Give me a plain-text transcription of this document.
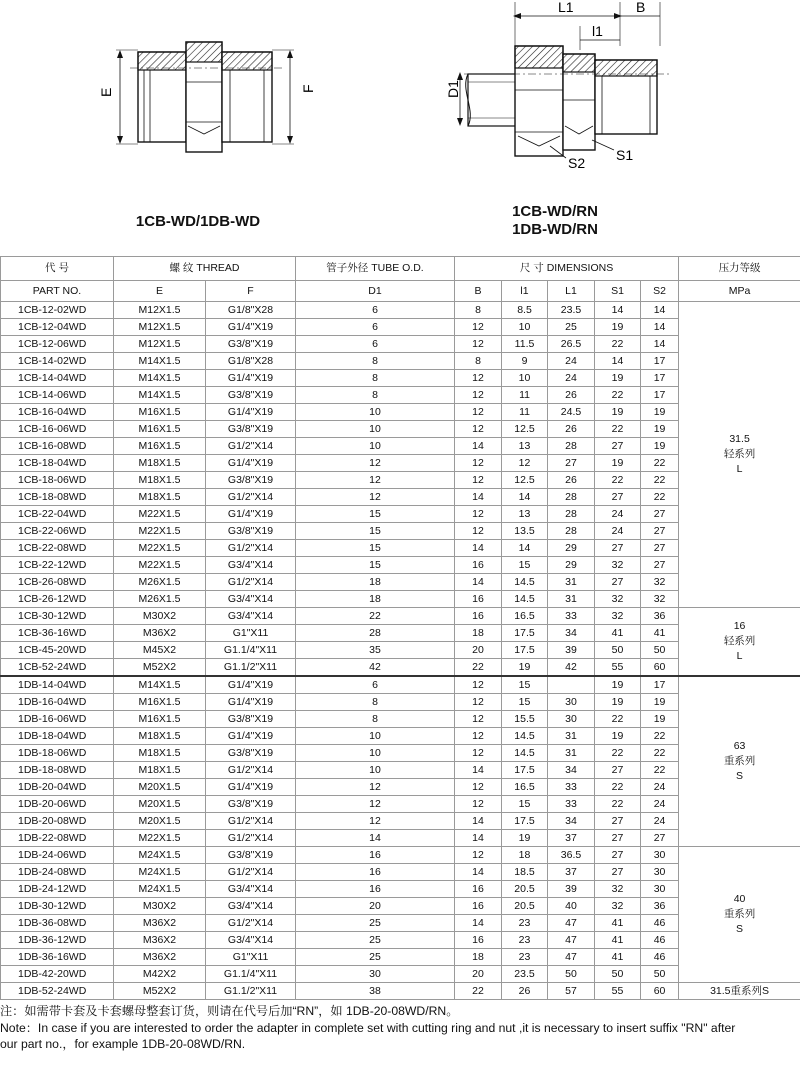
E	F
L1	B
l1
D1
S1
S2
1CB-WD/1DB-WD
1CB-WD/RN
1DB-WD/RN
代 号	螺 纹 THREAD		管子外径 TUBE O.D.	尺 寸 DIMENSIONS					压力等级
PART NO.	E	F	D1	B	l1	L1	S1	S2	MPa
1CB-12-02WD	M12X1.5	G1/8"X28	6	8	8.5	23.5	14	14	31.5
轻系列
L

1CB-12-04WD	M12X1.5	G1/4"X19	6	12	10	25	19	14	
1CB-12-06WD	M12X1.5	G3/8"X19	6	12	11.5	26.5	22	14	
1CB-14-02WD	M14X1.5	G1/8"X28	8	8	9	24	14	17	
1CB-14-04WD	M14X1.5	G1/4"X19	8	12	10	24	19	17	
1CB-14-06WD	M14X1.5	G3/8"X19	8	12	11	26	22	17	
1CB-16-04WD	M16X1.5	G1/4"X19	10	12	11	24.5	19	19	
1CB-16-06WD	M16X1.5	G3/8"X19	10	12	12.5	26	22	19	
1CB-16-08WD	M16X1.5	G1/2"X14	10	14	13	28	27	19	
1CB-18-04WD	M18X1.5	G1/4"X19	12	12	12	27	19	22	
1CB-18-06WD	M18X1.5	G3/8"X19	12	12	12.5	26	22	22	
1CB-18-08WD	M18X1.5	G1/2"X14	12	14	14	28	27	22	
1CB-22-04WD	M22X1.5	G1/4"X19	15	12	13	28	24	27	
1CB-22-06WD	M22X1.5	G3/8"X19	15	12	13.5	28	24	27	
1CB-22-08WD	M22X1.5	G1/2"X14	15	14	14	29	27	27	
1CB-22-12WD	M22X1.5	G3/4"X14	15	16	15	29	32	27	
1CB-26-08WD	M26X1.5	G1/2"X14	18	14	14.5	31	27	32	
1CB-26-12WD	M26X1.5	G3/4"X14	18	16	14.5	31	32	32	
1CB-30-12WD	M30X2	G3/4"X14	22	16	16.5	33	32	36	16
轻系列
L

1CB-36-16WD	M36X2	G1"X11	28	18	17.5	34	41	41	
1CB-45-20WD	M45X2	G1.1/4"X11	35	20	17.5	39	50	50	
1CB-52-24WD	M52X2	G1.1/2"X11	42	22	19	42	55	60	
1DB-14-04WD	M14X1.5	G1/4"X19	6	12	15		19	17	63
重系列
S

1DB-16-04WD	M16X1.5	G1/4"X19	8	12	15	30	19	19	
1DB-16-06WD	M16X1.5	G3/8"X19	8	12	15.5	30	22	19	
1DB-18-04WD	M18X1.5	G1/4"X19	10	12	14.5	31	19	22	
1DB-18-06WD	M18X1.5	G3/8"X19	10	12	14.5	31	22	22	
1DB-18-08WD	M18X1.5	G1/2"X14	10	14	17.5	34	27	22	
1DB-20-04WD	M20X1.5	G1/4"X19	12	12	16.5	33	22	24	
1DB-20-06WD	M20X1.5	G3/8"X19	12	12	15	33	22	24	
1DB-20-08WD	M20X1.5	G1/2"X14	12	14	17.5	34	27	24	
1DB-22-08WD	M22X1.5	G1/2"X14	14	14	19	37	27	27	
1DB-24-06WD	M24X1.5	G3/8"X19	16	12	18	36.5	27	30	40
重系列
S

1DB-24-08WD	M24X1.5	G1/2"X14	16	14	18.5	37	27	30	
1DB-24-12WD	M24X1.5	G3/4"X14	16	16	20.5	39	32	30	
1DB-30-12WD	M30X2	G3/4"X14	20	16	20.5	40	32	36	
1DB-36-08WD	M36X2	G1/2"X14	25	14	23	47	41	46	
1DB-36-12WD	M36X2	G3/4"X14	25	16	23	47	41	46	
1DB-36-16WD	M36X2	G1"X11	25	18	23	47	41	46	
1DB-42-20WD	M42X2	G1.1/4"X11	30	20	23.5	50	50	50	
1DB-52-24WD	M52X2	G1.1/2"X11	38	22	26	57	55	60	31.5重系列S

注：如需带卡套及卡套螺母整套订货，则请在代号后加“RN”，如 1DB-20-08WD/RN。

Note：In case if you are interested to order the adapter in complete set with cutting ring and nut ,it is necessary to insert suffix "RN" after

our part no.，for example 1DB-20-08WD/RN.
